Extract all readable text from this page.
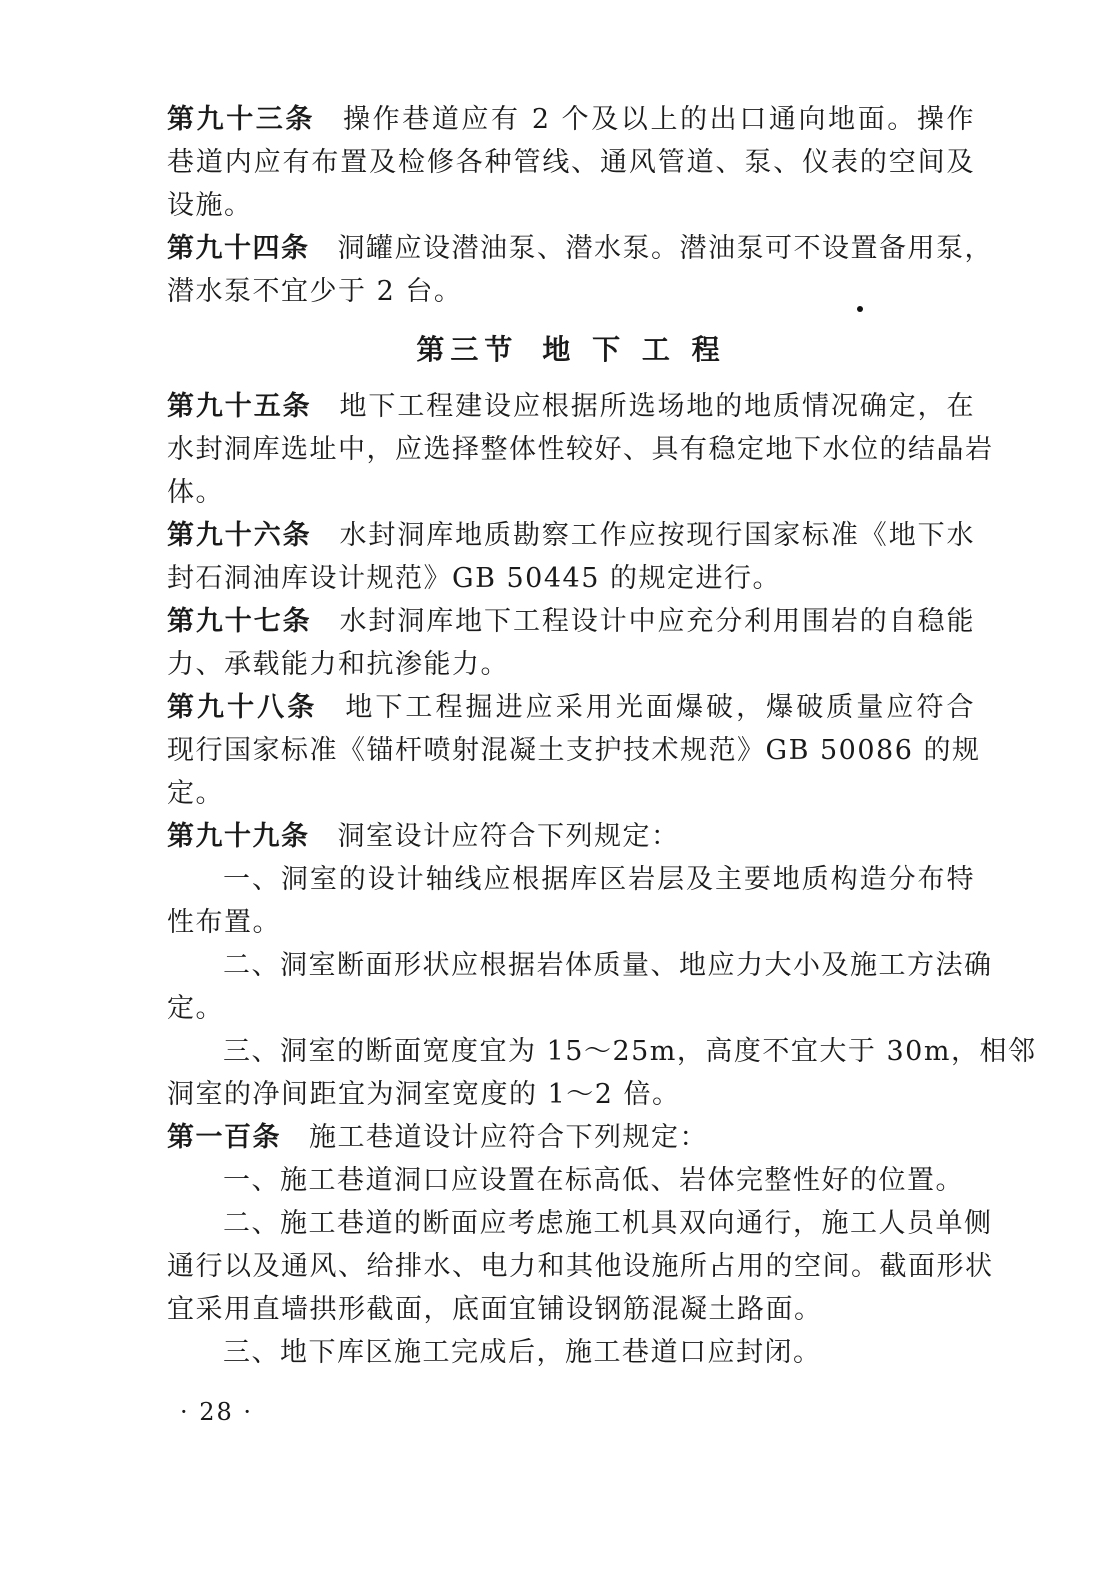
第九十三条 操作巷道应有 2 个及以上的出口通向地面。操作
巷道内应有布置及检修各种管线、通风管道、泵、仪表的空间及
设施。
第九十四条 洞罐应设潜油泵、潜水泵。潜油泵可不设置备用泵，
潜水泵不宜少于 2 台。
第三节 地 下 工 程
第九十五条 地下工程建设应根据所选场地的地质情况确定，在
水封洞库选址中，应选择整体性较好、具有稳定地下水位的结晶岩
体。
第九十六条 水封洞库地质勘察工作应按现行国家标准《地下水
封石洞油库设计规范》GB 50445 的规定进行。
第九十七条 水封洞库地下工程设计中应充分利用围岩的自稳能
力、承载能力和抗渗能力。
第九十八条 地下工程掘进应采用光面爆破，爆破质量应符合
现行国家标准《锚杆喷射混凝土支护技术规范》GB 50086 的规
定。
第九十九条 洞室设计应符合下列规定：
一、洞室的设计轴线应根据库区岩层及主要地质构造分布特
性布置。
二、洞室断面形状应根据岩体质量、地应力大小及施工方法确
定。
三、洞室的断面宽度宜为 15～25m，高度不宜大于 30m，相邻
洞室的净间距宜为洞室宽度的 1～2 倍。
第一百条 施工巷道设计应符合下列规定：
一、施工巷道洞口应设置在标高低、岩体完整性好的位置。
二、施工巷道的断面应考虑施工机具双向通行，施工人员单侧
通行以及通风、给排水、电力和其他设施所占用的空间。截面形状
宜采用直墙拱形截面，底面宜铺设钢筋混凝土路面。
三、地下库区施工完成后，施工巷道口应封闭。
· 28 ·
